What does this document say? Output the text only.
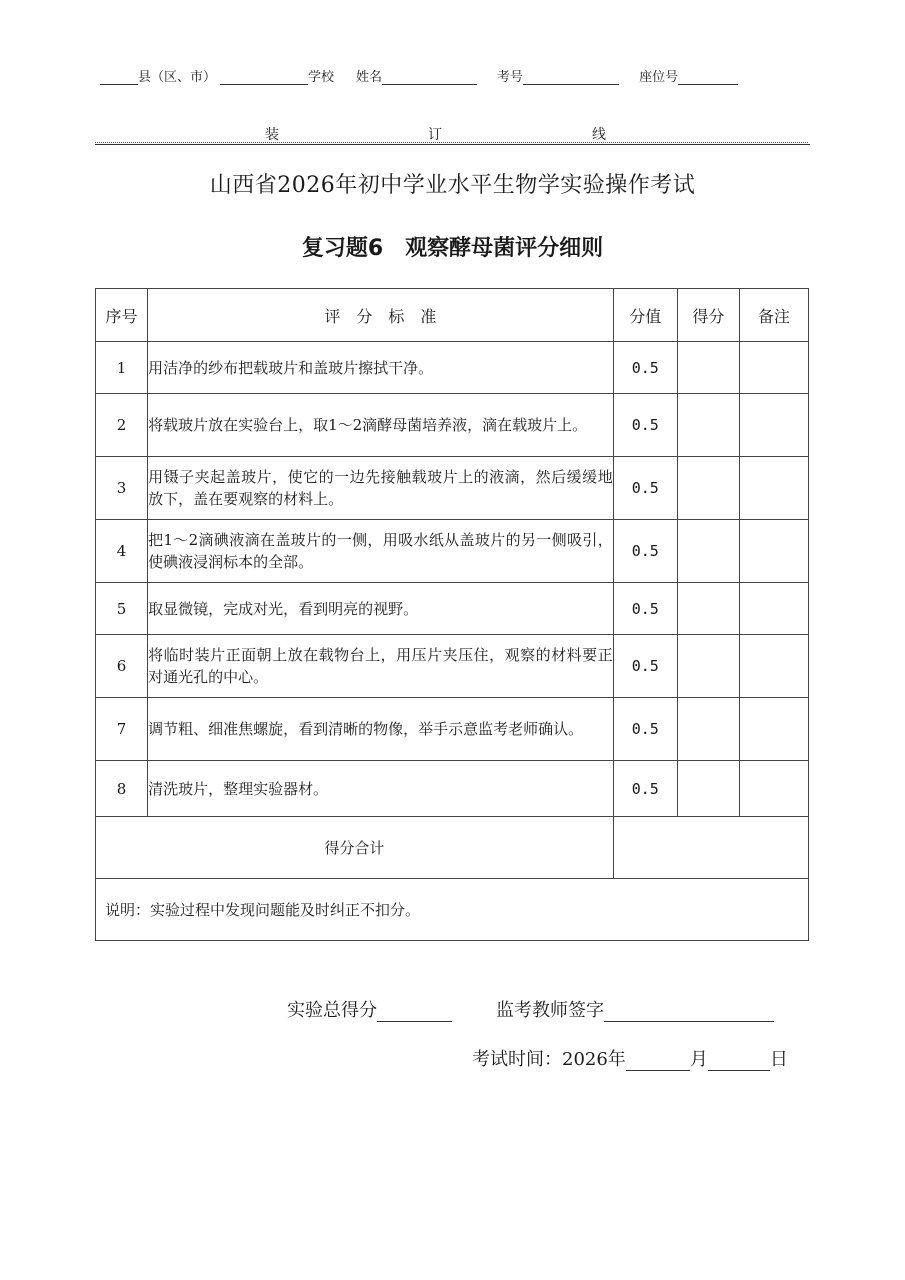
县（区、市）	学校 姓名	考号	座位号
装	订	线
山西省2026年初中学业水平生物学实验操作考试
复习题6　观察酵母菌评分细则
序号	评　分　标　准	分值	得分	备注
1	用洁净的纱布把载玻片和盖玻片擦拭干净。	0.5		
2	将载玻片放在实验台上，取1～2滴酵母菌培养液，滴在载玻片上。	0.5		
3	用镊子夹起盖玻片，使它的一边先接触载玻片上的液滴，然后缓缓地放下，盖在要观察的材料上。	0.5		
4	把1～2滴碘液滴在盖玻片的一侧，用吸水纸从盖玻片的另一侧吸引，使碘液浸润标本的全部。	0.5		
5	取显微镜，完成对光，看到明亮的视野。	0.5		
6	将临时装片正面朝上放在载物台上，用压片夹压住，观察的材料要正对通光孔的中心。	0.5		
7	调节粗、细准焦螺旋，看到清晰的物像，举手示意监考老师确认。	0.5		
8	清洗玻片，整理实验器材。	0.5		
得分合计				
说明：实验过程中发现问题能及时纠正不扣分。				
实验总得分	监考教师签字
考试时间：2026年	月	日
